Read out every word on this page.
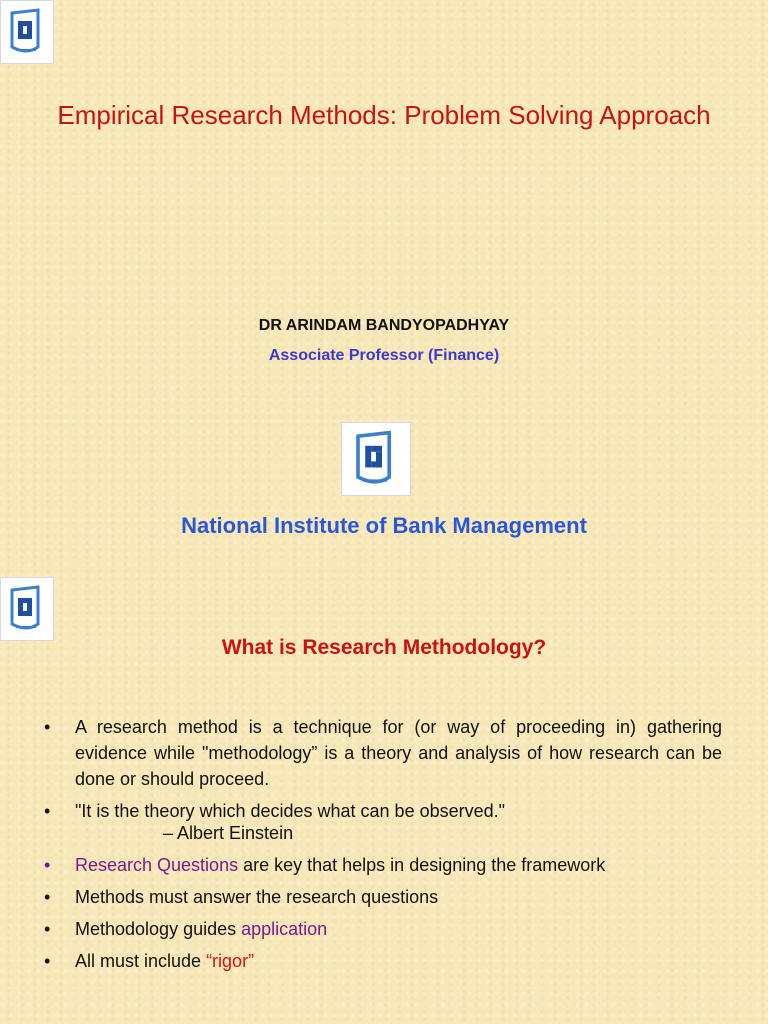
Empirical Research Methods: Problem Solving Approach
DR ARINDAM BANDYOPADHYAY
Associate Professor (Finance)
National Institute of Bank Management
What is Research Methodology?
• A research method is a technique for (or way of proceeding in) gathering evidence while "methodology” is a theory and analysis of how research can be done or should proceed.
• "It is the theory which decides what can be observed."
– Albert Einstein
• Research Questions are key that helps in designing the framework
• Methods must answer the research questions
• Methodology guides application
• All must include “rigor”
